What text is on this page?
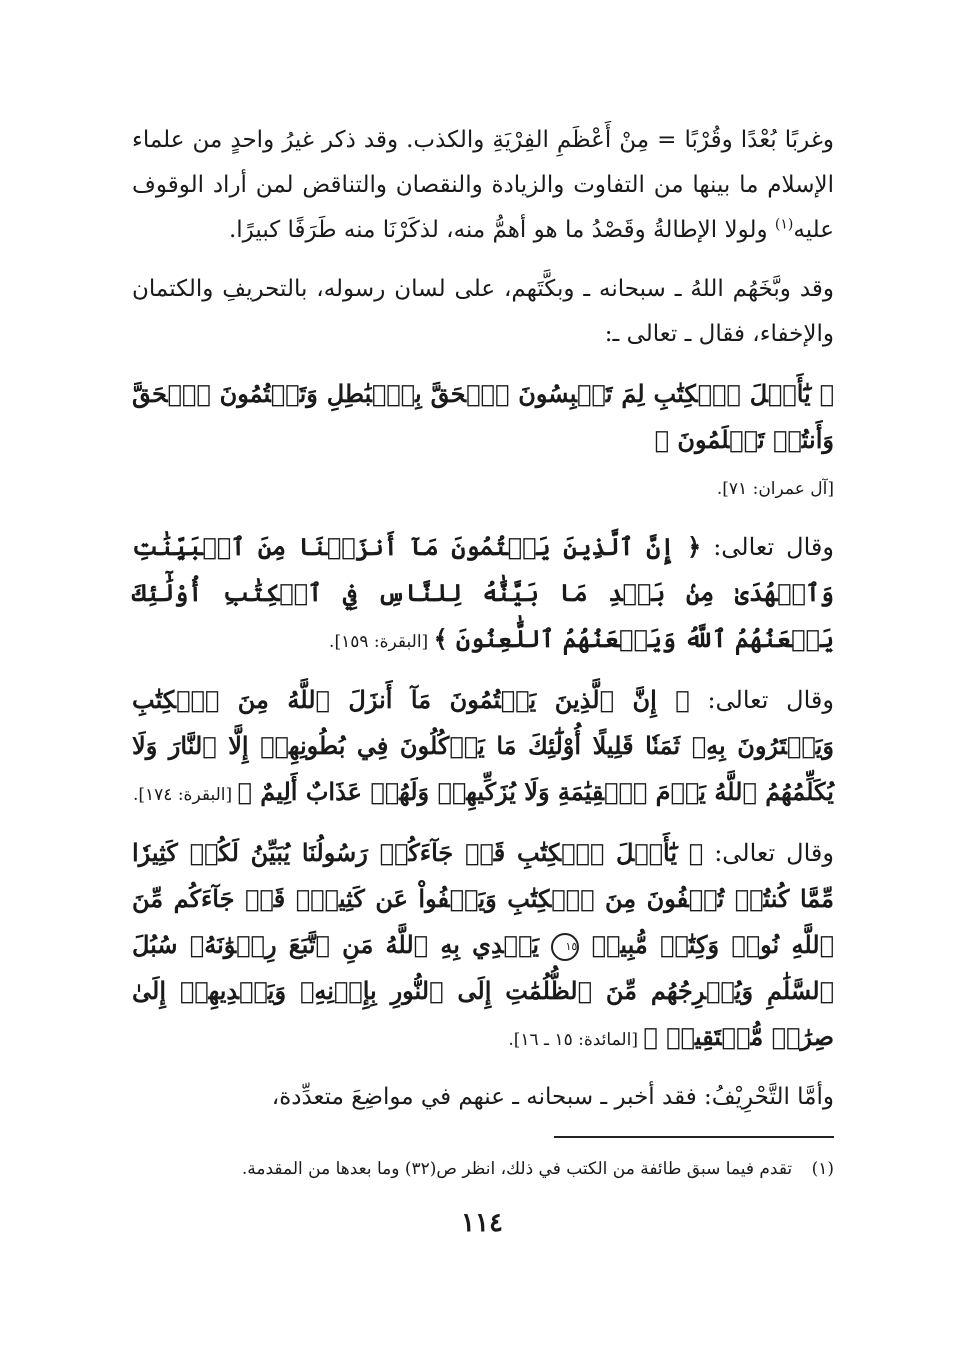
وغربًا بُعْدًا وقُرْبًا = مِنْ أَعْظَمِ الفِرْيَةِ والكذب. وقد ذكر غيرُ واحدٍ من علماء الإسلام ما بينها من التفاوت والزيادة والنقصان والتناقض لمن أراد الوقوف عليه$^{(١)}$ ولولا الإطالةُ وقَصْدُ ما هو أهمُّ منه، لذكَرْنَا منه طَرَفًا كبيرًا.

وقد وبَّخَهُم اللهُ ـ سبحانه ـ وبكَّتَهم، على لسان رسوله، بالتحريفِ والكتمان والإخفاء، فقال ـ تعالى ـ:

﴿ يَٰٓأَهۡلَ ٱلۡكِتَٰبِ لِمَ تَلۡبِسُونَ ٱلۡحَقَّ بِٱلۡبَٰطِلِ وَتَكۡتُمُونَ ٱلۡحَقَّ وَأَنتُمۡ تَعۡلَمُونَ ﴾
[آل عمران: ٧١].

وقال تعالى: ﴿ إِنَّ ٱلَّذِينَ يَكۡتُمُونَ مَآ أَنزَلۡنَا مِنَ ٱلۡبَيِّنَٰتِ وَٱلۡهُدَىٰ مِنۢ بَعۡدِ مَا بَيَّنَّٰهُ لِلنَّاسِ فِي ٱلۡكِتَٰبِ أُوْلَٰٓئِكَ يَلۡعَنُهُمُ ٱللَّهُ وَيَلۡعَنُهُمُ ٱللَّٰعِنُونَ ﴾ [البقرة: ١٥٩].

وقال تعالى: ﴿ إِنَّ ٱلَّذِينَ يَكۡتُمُونَ مَآ أَنزَلَ ٱللَّهُ مِنَ ٱلۡكِتَٰبِ وَيَشۡتَرُونَ بِهِۦ ثَمَنٗا قَلِيلًا أُوْلَٰٓئِكَ مَا يَأۡكُلُونَ فِي بُطُونِهِمۡ إِلَّا ٱلنَّارَ وَلَا يُكَلِّمُهُمُ ٱللَّهُ يَوۡمَ ٱلۡقِيَٰمَةِ وَلَا يُزَكِّيهِمۡ وَلَهُمۡ عَذَابٌ أَلِيمٌ ﴾ [البقرة: ١٧٤].

وقال تعالى: ﴿ يَٰٓأَهۡلَ ٱلۡكِتَٰبِ قَدۡ جَآءَكُمۡ رَسُولُنَا يُبَيِّنُ لَكُمۡ كَثِيرٗا مِّمَّا كُنتُمۡ تُخۡفُونَ مِنَ ٱلۡكِتَٰبِ وَيَعۡفُواْ عَن كَثِيرٖۚ قَدۡ جَآءَكُم مِّنَ ٱللَّهِ نُورٞ وَكِتَٰبٞ مُّبِينٞ ١٥ يَهۡدِي بِهِ ٱللَّهُ مَنِ ٱتَّبَعَ رِضۡوَٰنَهُۥ سُبُلَ ٱلسَّلَٰمِ وَيُخۡرِجُهُم مِّنَ ٱلظُّلُمَٰتِ إِلَى ٱلنُّورِ بِإِذۡنِهِۦ وَيَهۡدِيهِمۡ إِلَىٰ صِرَٰطٖ مُّسۡتَقِيمٖ ﴾ [المائدة: ١٥ ـ ١٦].

وأمَّا التَّحْرِيْفُ: فقد أخبر ـ سبحانه ـ عنهم في مواضِعَ متعدِّدة،

(١) تقدم فيما سبق طائفة من الكتب في ذلك، انظر ص(٣٢) وما بعدها من المقدمة.
١١٤
